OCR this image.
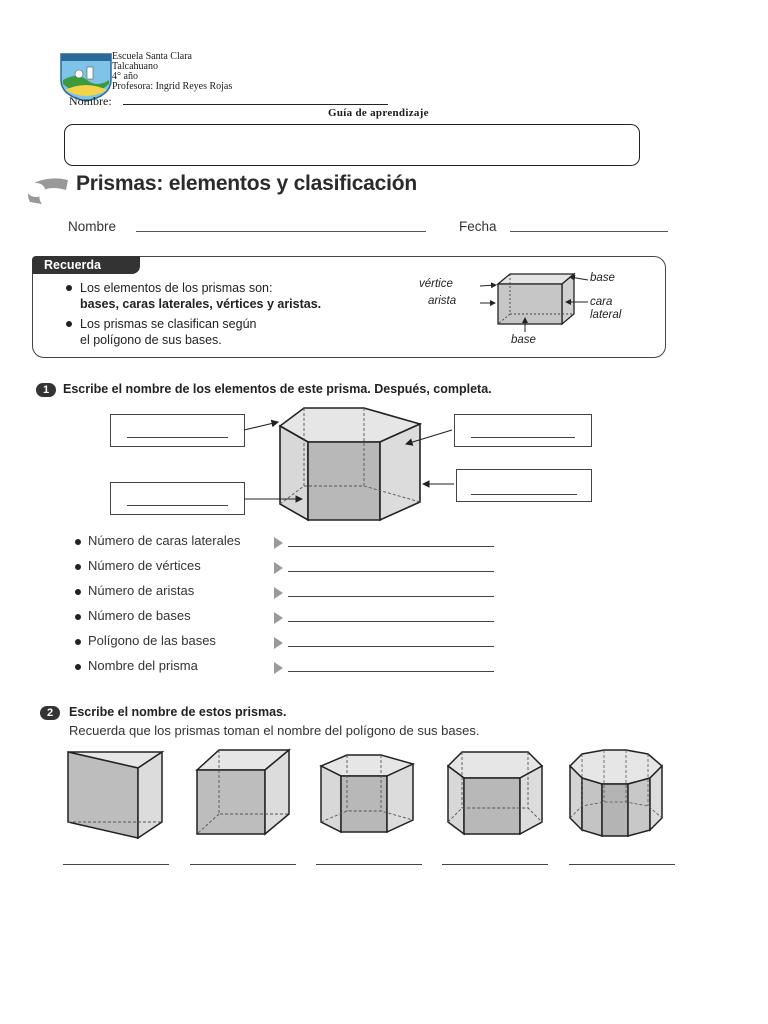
Escuela Santa Clara
Talcahuano
4° año
Profesora: Ingrid Reyes Rojas
Nombre:
Guía de aprendizaje
Prismas: elementos y clasificación
Nombre	Fecha
Recuerda
Los elementos de los prismas son:
bases, caras laterales, vértices y aristas.
Los prismas se clasifican según
el polígono de sus bases.
vértice
arista
base
cara
lateral
base
1	Escribe el nombre de los elementos de este prisma. Después, completa.
Número de caras laterales
Número de vértices
Número de aristas
Número de bases
Polígono de las bases
Nombre del prisma
2	Escribe el nombre de estos prismas.
Recuerda que los prismas toman el nombre del polígono de sus bases.
